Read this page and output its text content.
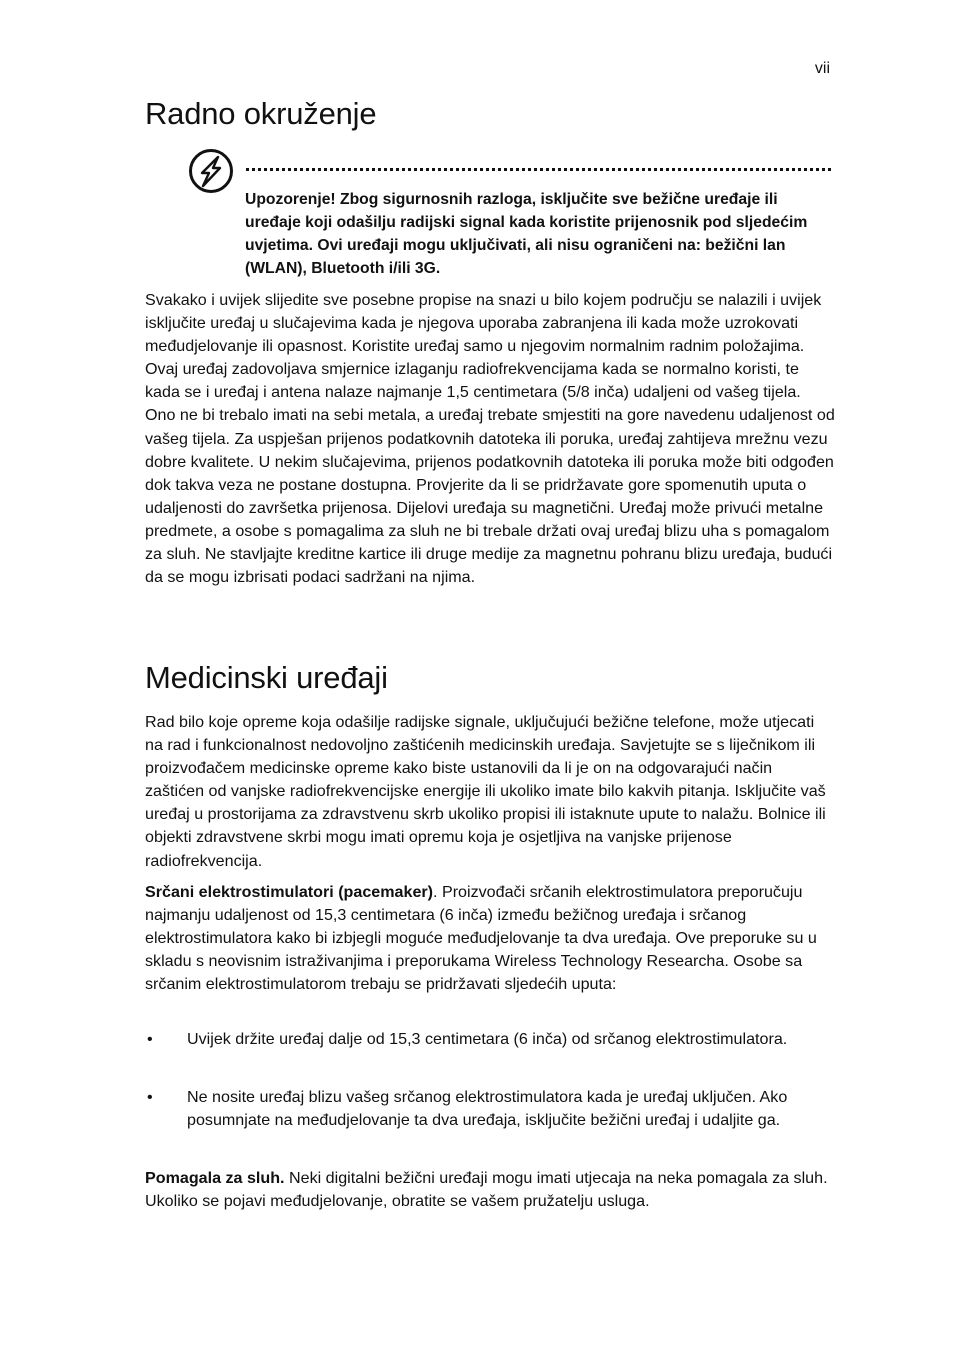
vii
Radno okruženje
Upozorenje! Zbog sigurnosnih razloga, isključite sve bežične uređaje ili uređaje koji odašilju radijski signal kada koristite prijenosnik pod sljedećim uvjetima. Ovi uređaji mogu uključivati, ali nisu ograničeni na: bežični lan (WLAN), Bluetooth i/ili 3G.

Svakako i uvijek slijedite sve posebne propise na snazi u bilo kojem području se nalazili i uvijek isključite uređaj u slučajevima kada je njegova uporaba zabranjena ili kada može uzrokovati međudjelovanje ili opasnost. Koristite uređaj samo u njegovim normalnim radnim položajima. Ovaj uređaj zadovoljava smjernice izlaganju radiofrekvencijama kada se normalno koristi, te kada se i uređaj i antena nalaze najmanje 1,5 centimetara (5/8 inča) udaljeni od vašeg tijela. Ono ne bi trebalo imati na sebi metala, a uređaj trebate smjestiti na gore navedenu udaljenost od vašeg tijela. Za uspješan prijenos podatkovnih datoteka ili poruka, uređaj zahtijeva mrežnu vezu dobre kvalitete. U nekim slučajevima, prijenos podatkovnih datoteka ili poruka može biti odgođen dok takva veza ne postane dostupna. Provjerite da li se pridržavate gore spomenutih uputa o udaljenosti do završetka prijenosa. Dijelovi uređaja su magnetični. Uređaj može privući metalne predmete, a osobe s pomagalima za sluh ne bi trebale držati ovaj uređaj blizu uha s pomagalom za sluh. Ne stavljajte kreditne kartice ili druge medije za magnetnu pohranu blizu uređaja, budući da se mogu izbrisati podaci sadržani na njima.

Medicinski uređaji

Rad bilo koje opreme koja odašilje radijske signale, uključujući bežične telefone, može utjecati na rad i funkcionalnost nedovoljno zaštićenih medicinskih uređaja. Savjetujte se s liječnikom ili proizvođačem medicinske opreme kako biste ustanovili da li je on na odgovarajući način zaštićen od vanjske radiofrekvencijske energije ili ukoliko imate bilo kakvih pitanja. Isključite vaš uređaj u prostorijama za zdravstvenu skrb ukoliko propisi ili istaknute upute to nalažu. Bolnice ili objekti zdravstvene skrbi mogu imati opremu koja je osjetljiva na vanjske prijenose radiofrekvencija.

Srčani elektrostimulatori (pacemaker). Proizvođači srčanih elektrostimulatora preporučuju najmanju udaljenost od 15,3 centimetara (6 inča) između bežičnog uređaja i srčanog elektrostimulatora kako bi izbjegli moguće međudjelovanje ta dva uređaja. Ove preporuke su u skladu s neovisnim istraživanjima i preporukama Wireless Technology Researcha. Osobe sa srčanim elektrostimulatorom trebaju se pridržavati sljedećih uputa:

• Uvijek držite uređaj dalje od 15,3 centimetara (6 inča) od srčanog elektrostimulatora.
• Ne nosite uređaj blizu vašeg srčanog elektrostimulatora kada je uređaj uključen. Ako posumnjate na međudjelovanje ta dva uređaja, isključite bežični uređaj i udaljite ga.

Pomagala za sluh. Neki digitalni bežični uređaji mogu imati utjecaja na neka pomagala za sluh. Ukoliko se pojavi međudjelovanje, obratite se vašem pružatelju usluga.
